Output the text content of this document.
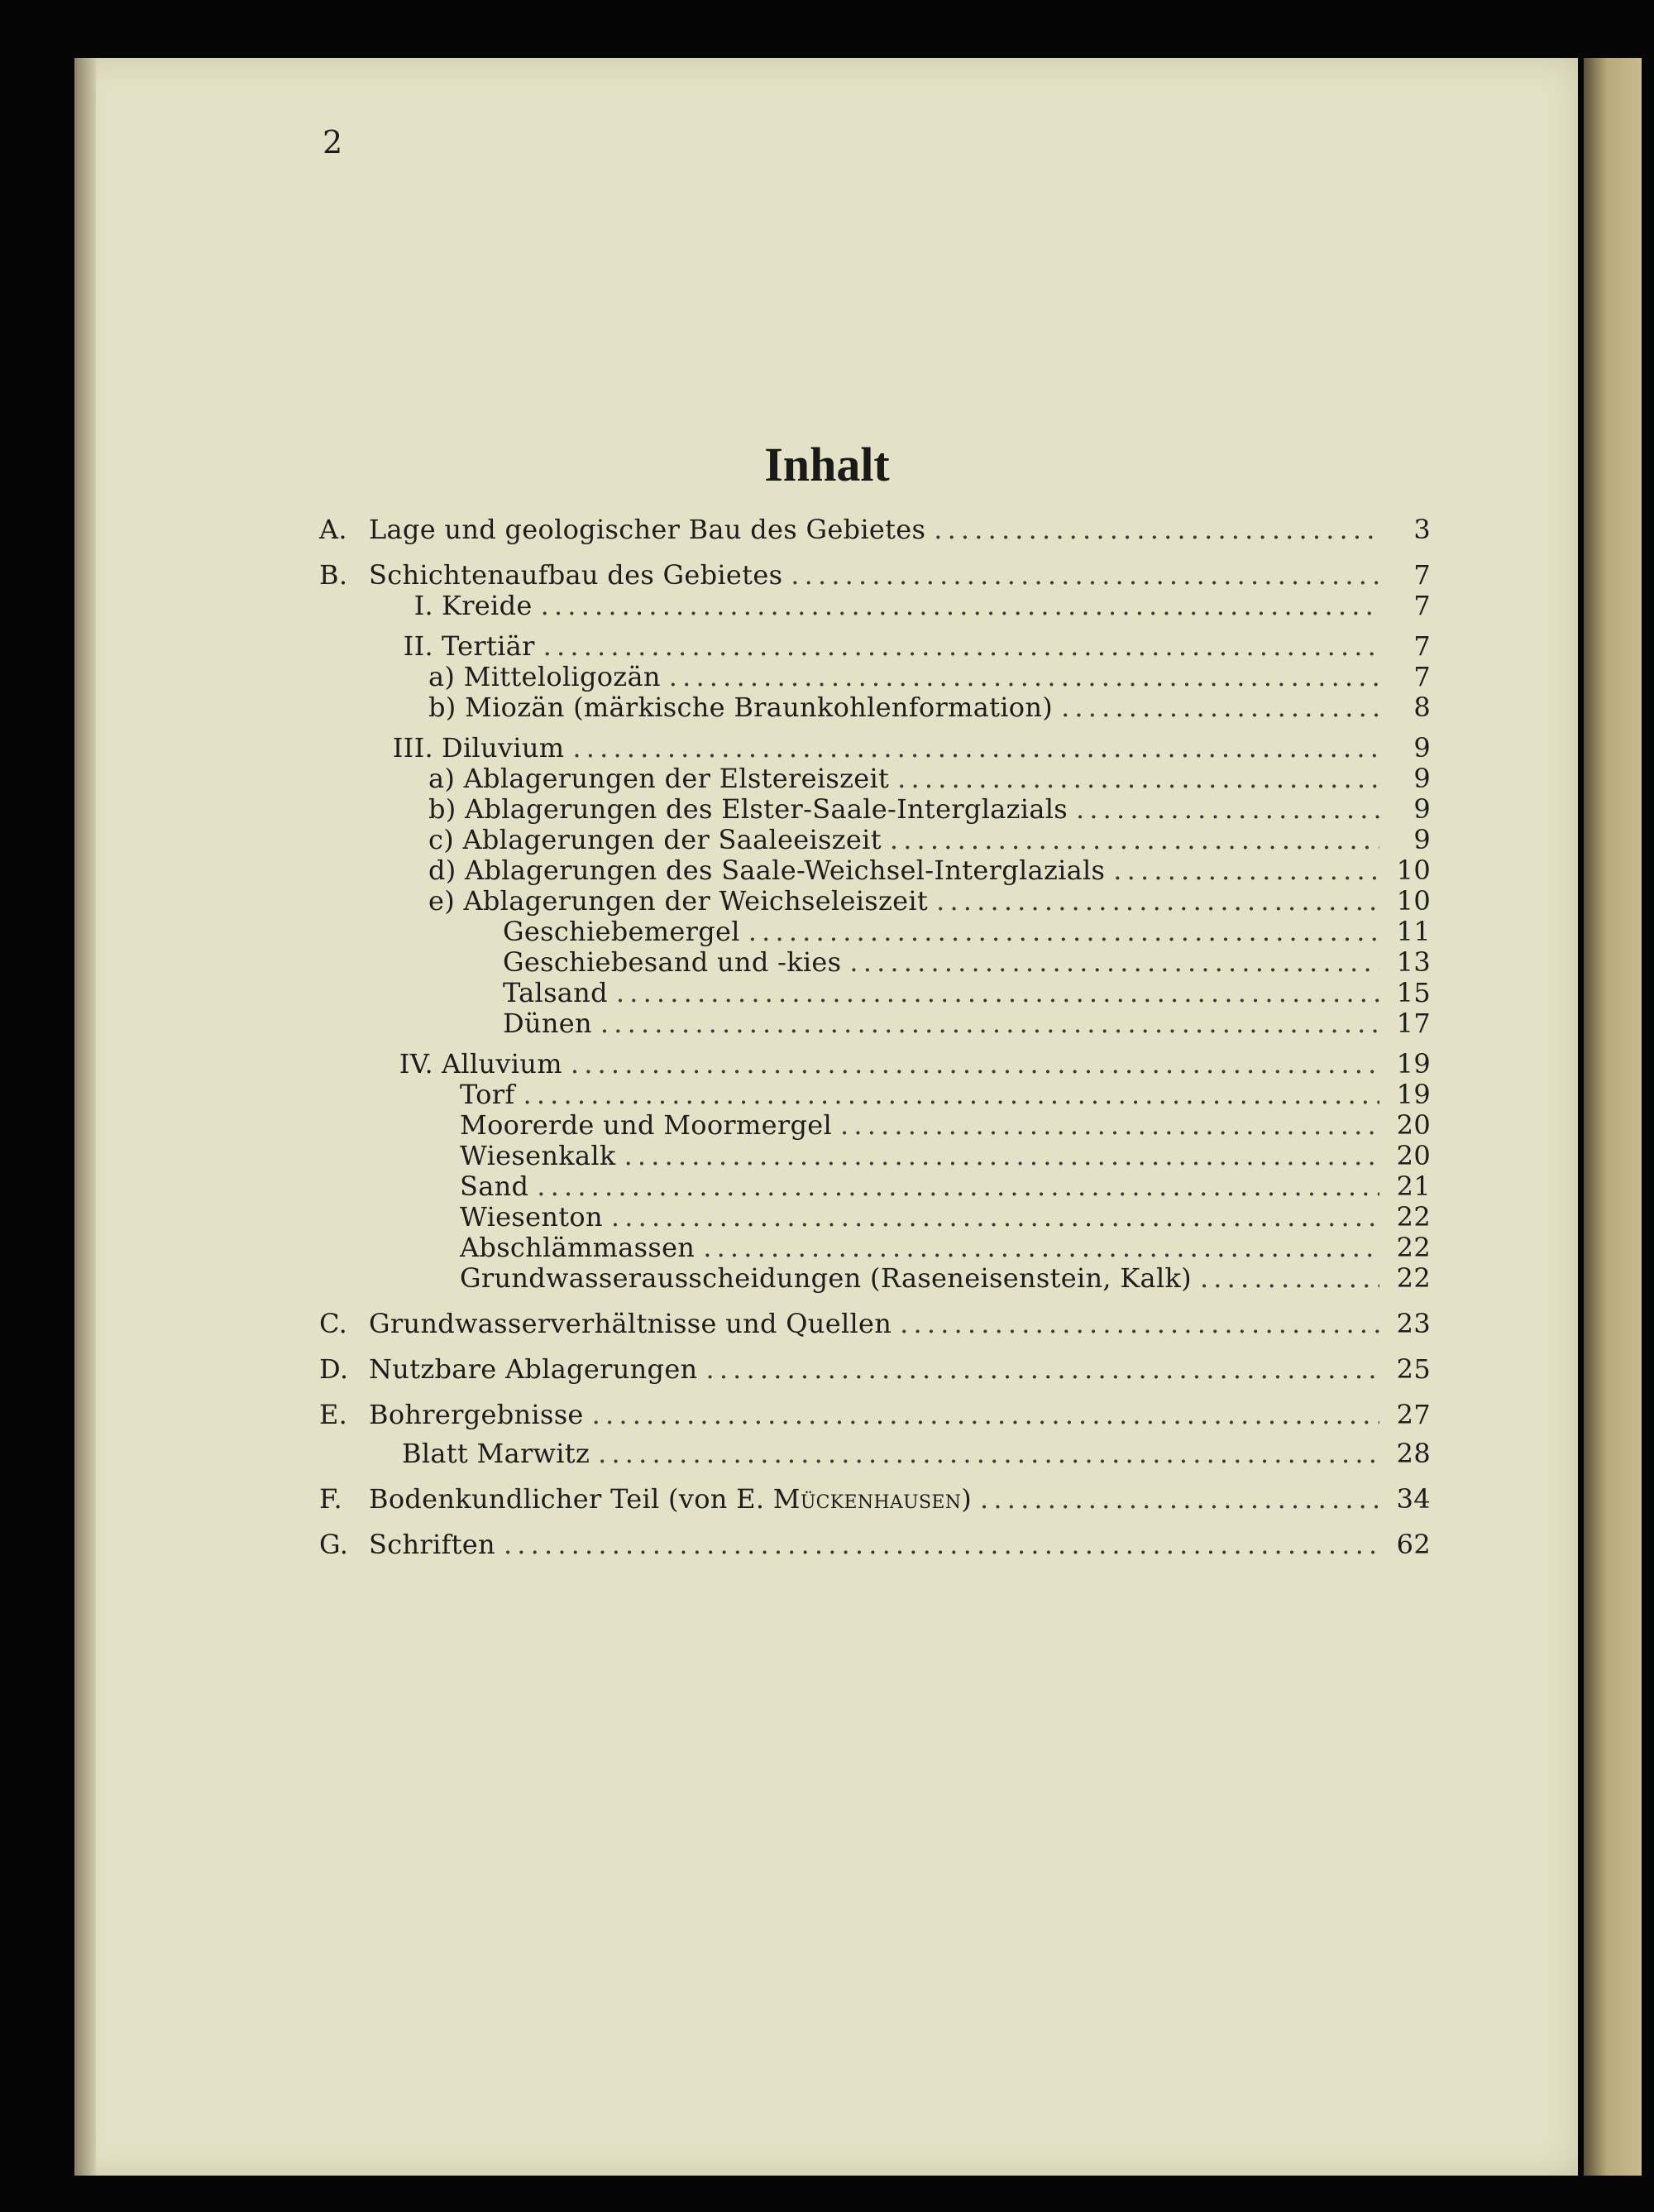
2
Inhalt
A. Lage und geologischer Bau des Gebietes . . .	3
B. Schichtenaufbau des Gebietes . . .	7
I. Kreide . . .	7
II. Tertiär . . .	7
a) Mitteloligozän . . .	7
b) Miozän (märkische Braunkohlenformation) . . .	8
III. Diluvium . . .	9
a) Ablagerungen der Elstereiszeit . . .	9
b) Ablagerungen des Elster-Saale-Interglazials . . .	9
c) Ablagerungen der Saaleeiszeit . . .	9
d) Ablagerungen des Saale-Weichsel-Interglazials . . .	10
e) Ablagerungen der Weichseleiszeit . . .	10
Geschiebemergel . . .	11
Geschiebesand und -kies . . .	13
Talsand . . .	15
Dünen . . .	17
IV. Alluvium . . .	19
Torf . . .	19
Moorerde und Moormergel . . .	20
Wiesenkalk . . .	20
Sand . . .	21
Wiesenton . . .	22
Abschlämmassen . . .	22
Grundwasserausscheidungen (Raseneisenstein, Kalk) . . .	22
C. Grundwasserverhältnisse und Quellen . . .	23
D. Nutzbare Ablagerungen . . .	25
E. Bohrergebnisse . . .	27
Blatt Marwitz . . .	28
F.	Bodenkundlicher Teil (von E. Mückenhausen) . . .	34
G. Schriften . . .	62
